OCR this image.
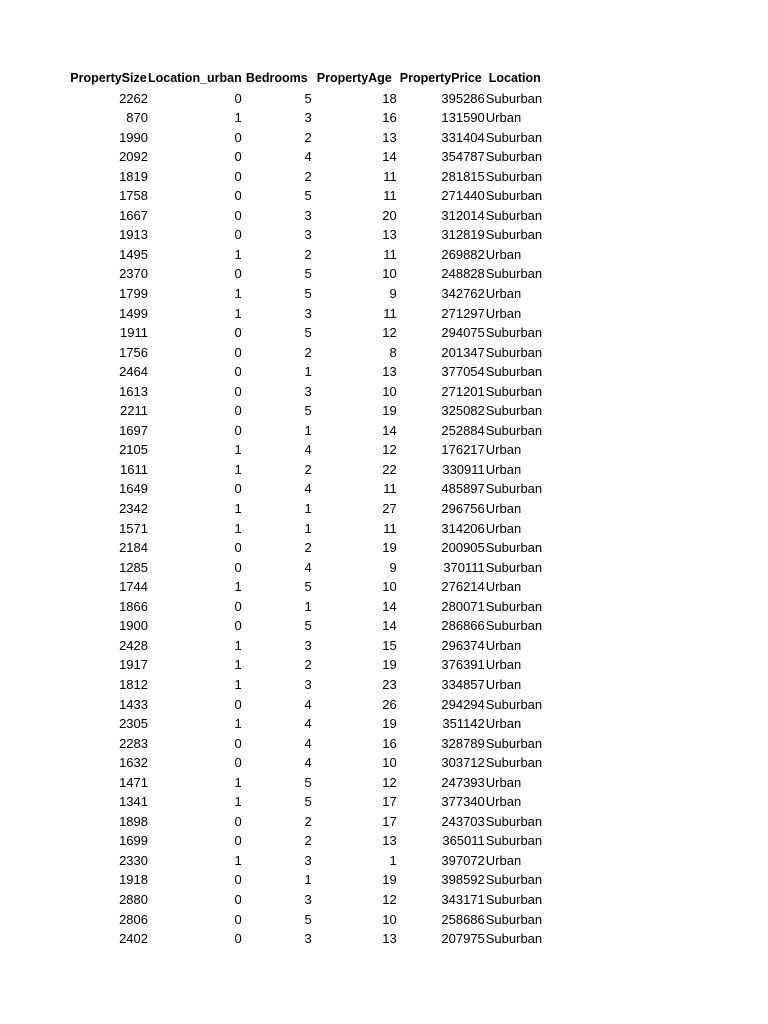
PropertySize	Location_urban	Bedrooms	PropertyAge	PropertyPrice	Location
2262	0	5	18	395286	Suburban
870	1	3	16	131590	Urban
1990	0	2	13	331404	Suburban
2092	0	4	14	354787	Suburban
1819	0	2	11	281815	Suburban
1758	0	5	11	271440	Suburban
1667	0	3	20	312014	Suburban
1913	0	3	13	312819	Suburban
1495	1	2	11	269882	Urban
2370	0	5	10	248828	Suburban
1799	1	5	9	342762	Urban
1499	1	3	11	271297	Urban
1911	0	5	12	294075	Suburban
1756	0	2	8	201347	Suburban
2464	0	1	13	377054	Suburban
1613	0	3	10	271201	Suburban
2211	0	5	19	325082	Suburban
1697	0	1	14	252884	Suburban
2105	1	4	12	176217	Urban
1611	1	2	22	330911	Urban
1649	0	4	11	485897	Suburban
2342	1	1	27	296756	Urban
1571	1	1	11	314206	Urban
2184	0	2	19	200905	Suburban
1285	0	4	9	370111	Suburban
1744	1	5	10	276214	Urban
1866	0	1	14	280071	Suburban
1900	0	5	14	286866	Suburban
2428	1	3	15	296374	Urban
1917	1	2	19	376391	Urban
1812	1	3	23	334857	Urban
1433	0	4	26	294294	Suburban
2305	1	4	19	351142	Urban
2283	0	4	16	328789	Suburban
1632	0	4	10	303712	Suburban
1471	1	5	12	247393	Urban
1341	1	5	17	377340	Urban
1898	0	2	17	243703	Suburban
1699	0	2	13	365011	Suburban
2330	1	3	1	397072	Urban
1918	0	1	19	398592	Suburban
2880	0	3	12	343171	Suburban
2806	0	5	10	258686	Suburban
2402	0	3	13	207975	Suburban
